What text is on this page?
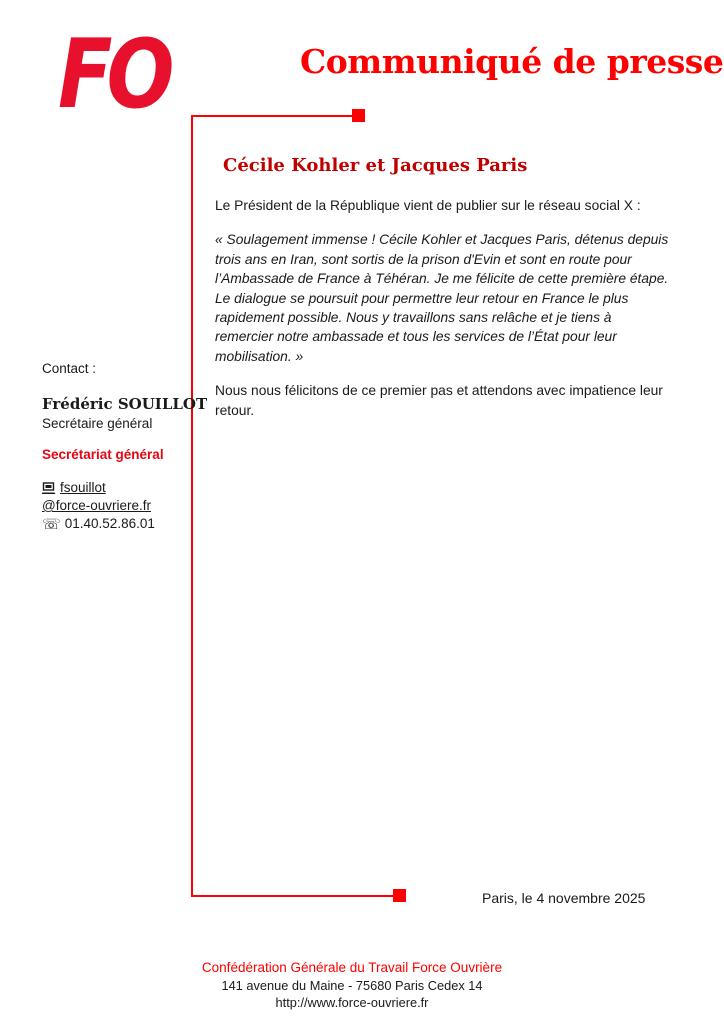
FO	Communiqué de presse
Cécile Kohler et Jacques Paris

Le Président de la République vient de publier sur le réseau social X :

« Soulagement immense ! Cécile Kohler et Jacques Paris, détenus depuis trois ans en Iran, sont sortis de la prison d'Evin et sont en route pour l’Ambassade de France à Téhéran. Je me félicite de cette première étape. Le dialogue se poursuit pour permettre leur retour en France le plus rapidement possible. Nous y travaillons sans relâche et je tiens à remercier notre ambassade et tous les services de l’État pour leur mobilisation. »

Nous nous félicitons de ce premier pas et attendons avec impatience leur retour.

Paris, le 4 novembre 2025
Contact :
Frédéric SOUILLOT
Secrétaire général
Secrétariat général
fsouillot
@force-ouvriere.fr
☏ 01.40.52.86.01
Confédération Générale du Travail Force Ouvrière
141 avenue du Maine - 75680 Paris Cedex 14
http://www.force-ouvriere.fr
